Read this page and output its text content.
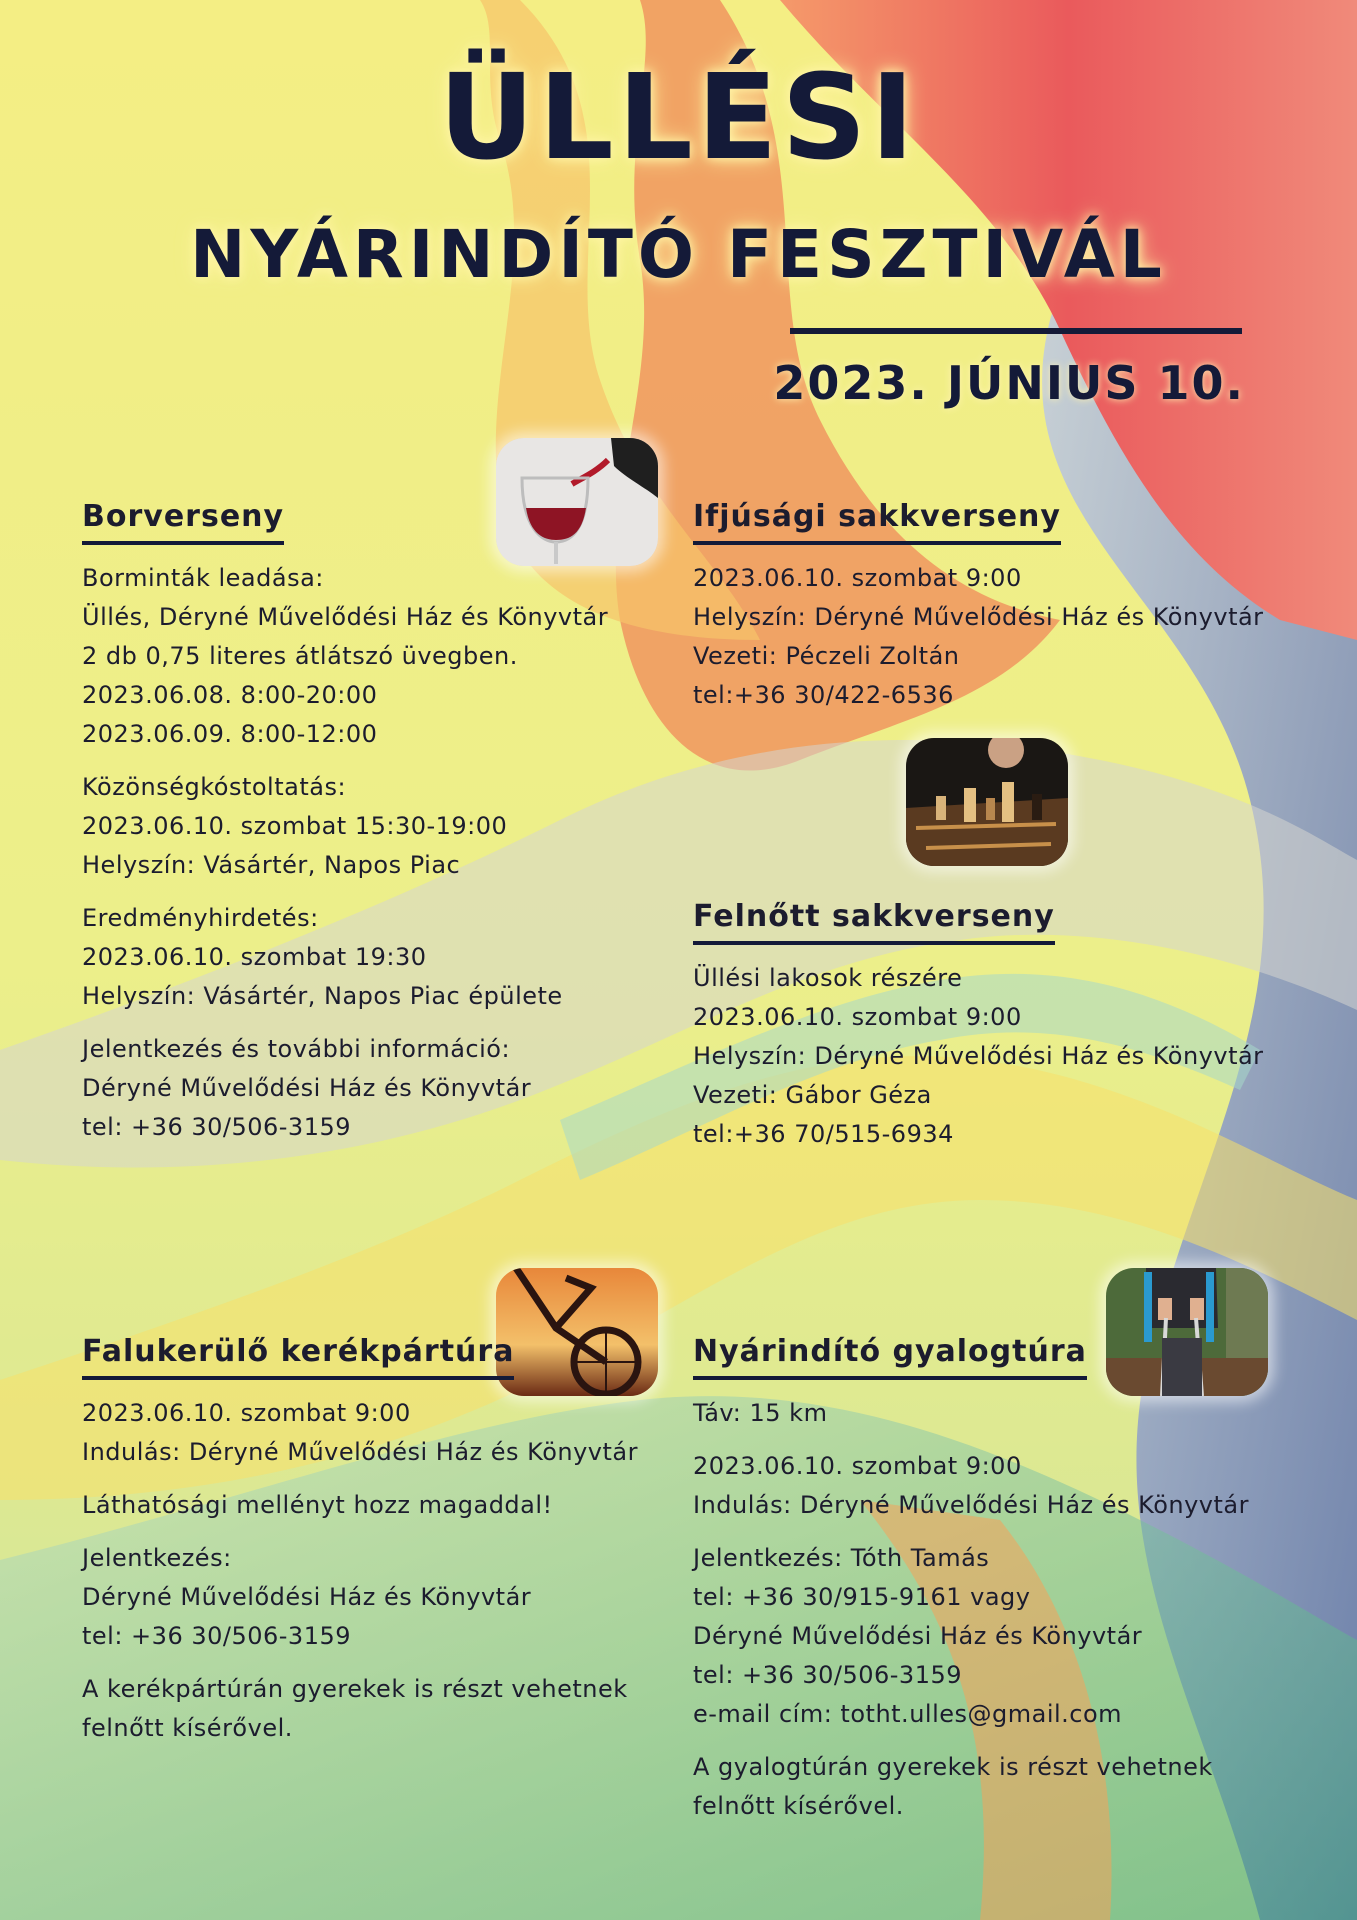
ÜLLÉSI
NYÁRINDÍTÓ FESZTIVÁL
2023. JÚNIUS 10.
Borverseny
Borminták leadása:
Üllés, Déryné Művelődési Ház és Könyvtár
2 db 0,75 literes átlátszó üvegben.
2023.06.08. 8:00-20:00
2023.06.09. 8:00-12:00
Közönségkóstoltatás:
2023.06.10. szombat 15:30-19:00
Helyszín: Vásártér, Napos Piac
Eredményhirdetés:
2023.06.10. szombat 19:30
Helyszín: Vásártér, Napos Piac épülete
Jelentkezés és további információ:
Déryné Művelődési Ház és Könyvtár
tel: +36 30/506-3159
Ifjúsági sakkverseny
2023.06.10. szombat 9:00
Helyszín: Déryné Művelődési Ház és Könyvtár
Vezeti: Péczeli Zoltán
tel:+36 30/422-6536
Felnőtt sakkverseny
Üllési lakosok részére
2023.06.10. szombat 9:00
Helyszín: Déryné Művelődési Ház és Könyvtár
Vezeti: Gábor Géza
tel:+36 70/515-6934
Falukerülő kerékpártúra
2023.06.10. szombat 9:00
Indulás: Déryné Művelődési Ház és Könyvtár
Láthatósági mellényt hozz magaddal!
Jelentkezés:
Déryné Művelődési Ház és Könyvtár
tel: +36 30/506-3159
A kerékpártúrán gyerekek is részt vehetnek
felnőtt kísérővel.
Nyárindító gyalogtúra
Táv: 15 km
2023.06.10. szombat 9:00
Indulás: Déryné Művelődési Ház és Könyvtár
Jelentkezés: Tóth Tamás
tel: +36 30/915-9161 vagy
Déryné Művelődési Ház és Könyvtár
tel: +36 30/506-3159
e-mail cím: totht.ulles@gmail.com
A gyalogtúrán gyerekek is részt vehetnek
felnőtt kísérővel.
